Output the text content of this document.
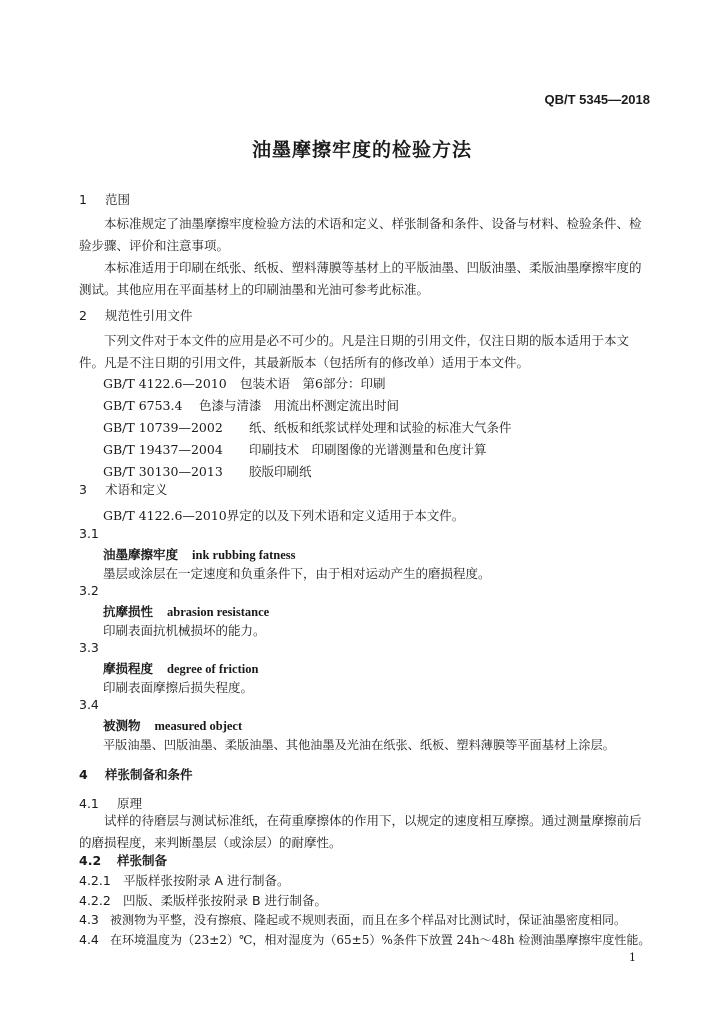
QB/T 5345—2018
油墨摩擦牢度的检验方法
1 范围
本标准规定了油墨摩擦牢度检验方法的术语和定义、样张制备和条件、设备与材料、检验条件、检验步骤、评价和注意事项。
本标准适用于印刷在纸张、纸板、塑料薄膜等基材上的平版油墨、凹版油墨、柔版油墨摩擦牢度的测试。其他应用在平面基材上的印刷油墨和光油可参考此标准。
2 规范性引用文件
下列文件对于本文件的应用是必不可少的。凡是注日期的引用文件，仅注日期的版本适用于本文件。凡是不注日期的引用文件，其最新版本（包括所有的修改单）适用于本文件。
GB/T 4122.6—2010 包装术语　第6部分：印刷
GB/T 6753.4 色漆与清漆　用流出杯测定流出时间
GB/T 10739—2002 纸、纸板和纸浆试样处理和试验的标准大气条件
GB/T 19437—2004 印刷技术　印刷图像的光谱测量和色度计算
GB/T 30130—2013 胶版印刷纸
3 术语和定义
GB/T 4122.6—2010界定的以及下列术语和定义适用于本文件。
3.1
油墨摩擦牢度 ink rubbing fatness
墨层或涂层在一定速度和负重条件下，由于相对运动产生的磨损程度。
3.2
抗摩损性 abrasion resistance
印刷表面抗机械损坏的能力。
3.3
摩损程度 degree of friction
印刷表面摩擦后损失程度。
3.4
被测物 measured object
平版油墨、凹版油墨、柔版油墨、其他油墨及光油在纸张、纸板、塑料薄膜等平面基材上涂层。
4 样张制备和条件
4.1 原理
试样的待磨层与测试标准纸，在荷重摩擦体的作用下，以规定的速度相互摩擦。通过测量摩擦前后的磨损程度，来判断墨层（或涂层）的耐摩性。
4.2 样张制备
4.2.1 平版样张按附录 A 进行制备。
4.2.2 凹版、柔版样张按附录 B 进行制备。
4.3 被测物为平整，没有擦痕、隆起或不规则表面，而且在多个样品对比测试时，保证油墨密度相同。
4.4 在环境温度为（23±2）℃，相对湿度为（65±5）%条件下放置 24h～48h 检测油墨摩擦牢度性能。
1
